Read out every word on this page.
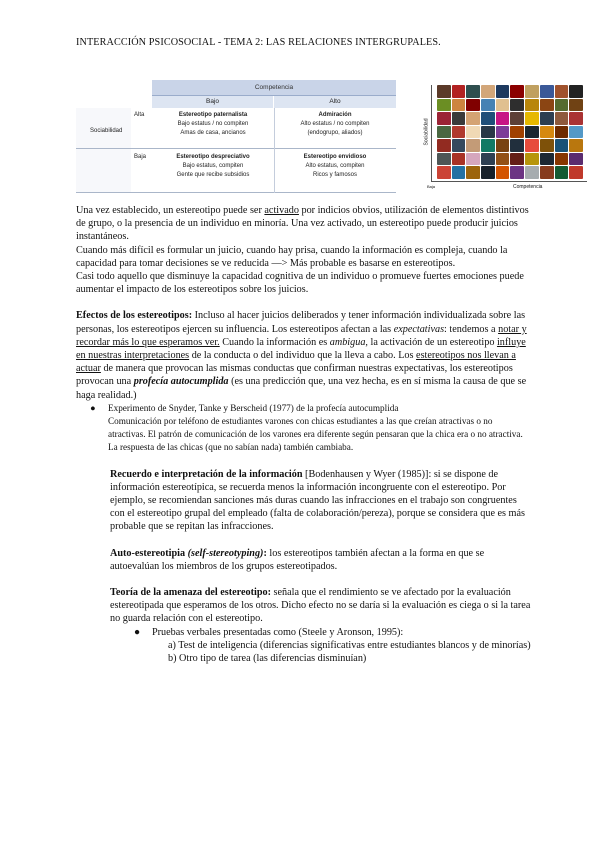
INTERACCIÓN PSICOSOCIAL - TEMA 2: LAS RELACIONES INTERGRUPALES.
Competencia
Bajo	Alto
Sociabilidad
Alta
Baja
Estereotipo paternalista
Bajo estatus / no compiten
Amas de casa, ancianos
Admiración
Alto estatus / no compiten
(endogrupo, aliados)
Estereotipo despreciativo
Bajo estatus, compiten
Gente que recibe subsidios
Estereotipo envidioso
Alto estatus, compiten
Ricos y famosos
Sociabilidad
Competencia
Baja

Una vez establecido, un estereotipo puede ser activado por indicios obvios, utilización de elementos distintivos de grupo, o la presencia de un individuo en minoría. Una vez activado, un estereotipo puede producir juicios instantáneos.

Cuando más difícil es formular un juicio, cuando hay prisa, cuando la información es compleja, cuando la capacidad para tomar decisiones se ve reducida —> Más probable es basarse en estereotipos.

Casi todo aquello que disminuye la capacidad cognitiva de un individuo o promueve fuertes emociones puede aumentar el impacto de los estereotipos sobre los juicios.

Efectos de los estereotipos: Incluso al hacer juicios deliberados y tener información individualizada sobre las personas, los estereotipos ejercen su influencia. Los estereotipos afectan a las expectativas: tendemos a notar y recordar más lo que esperamos ver. Cuando la información es ambigua, la activación de un estereotipo influye en nuestras interpretaciones de la conducta o del individuo que la lleva a cabo. Los estereotipos nos llevan a actuar de manera que provocan las mismas conductas que confirman nuestras expectativas, los estereotipos provocan una profecía autocumplida (es una predicción que, una vez hecha, es en sí misma la causa de que se haga realidad.)

●	Experimento de Snyder, Tanke y Berscheid (1977) de la profecía autocumplida
Comunicación por teléfono de estudiantes varones con chicas estudiantes a las que creían atractivas o no atractivas. El patrón de comunicación de los varones era diferente según pensaran que la chica era o no atractiva. La respuesta de las chicas (que no sabían nada) también cambiaba.
Recuerdo e interpretación de la información [Bodenhausen y Wyer (1985)]: si se dispone de información estereotípica, se recuerda menos la información incongruente con el estereotipo. Por ejemplo, se recomiendan sanciones más duras cuando las infracciones en el trabajo son congruentes con el estereotipo grupal del empleado (falta de colaboración/pereza), porque se considera que es más probable que se repitan las infracciones.
Auto-estereotipia (self-stereotyping): los estereotipos también afectan a la forma en que se autoevalúan los miembros de los grupos estereotipados.
Teoría de la amenaza del estereotipo: señala que el rendimiento se ve afectado por la evaluación estereotipada que esperamos de los otros. Dicho efecto no se daría si la evaluación es ciega o si la tarea no guarda relación con el estereotipo.
● Pruebas verbales presentadas como (Steele y Aronson, 1995):

a) Test de inteligencia (diferencias significativas entre estudiantes blancos y de minorías)

b) Otro tipo de tarea (las diferencias disminuían)
